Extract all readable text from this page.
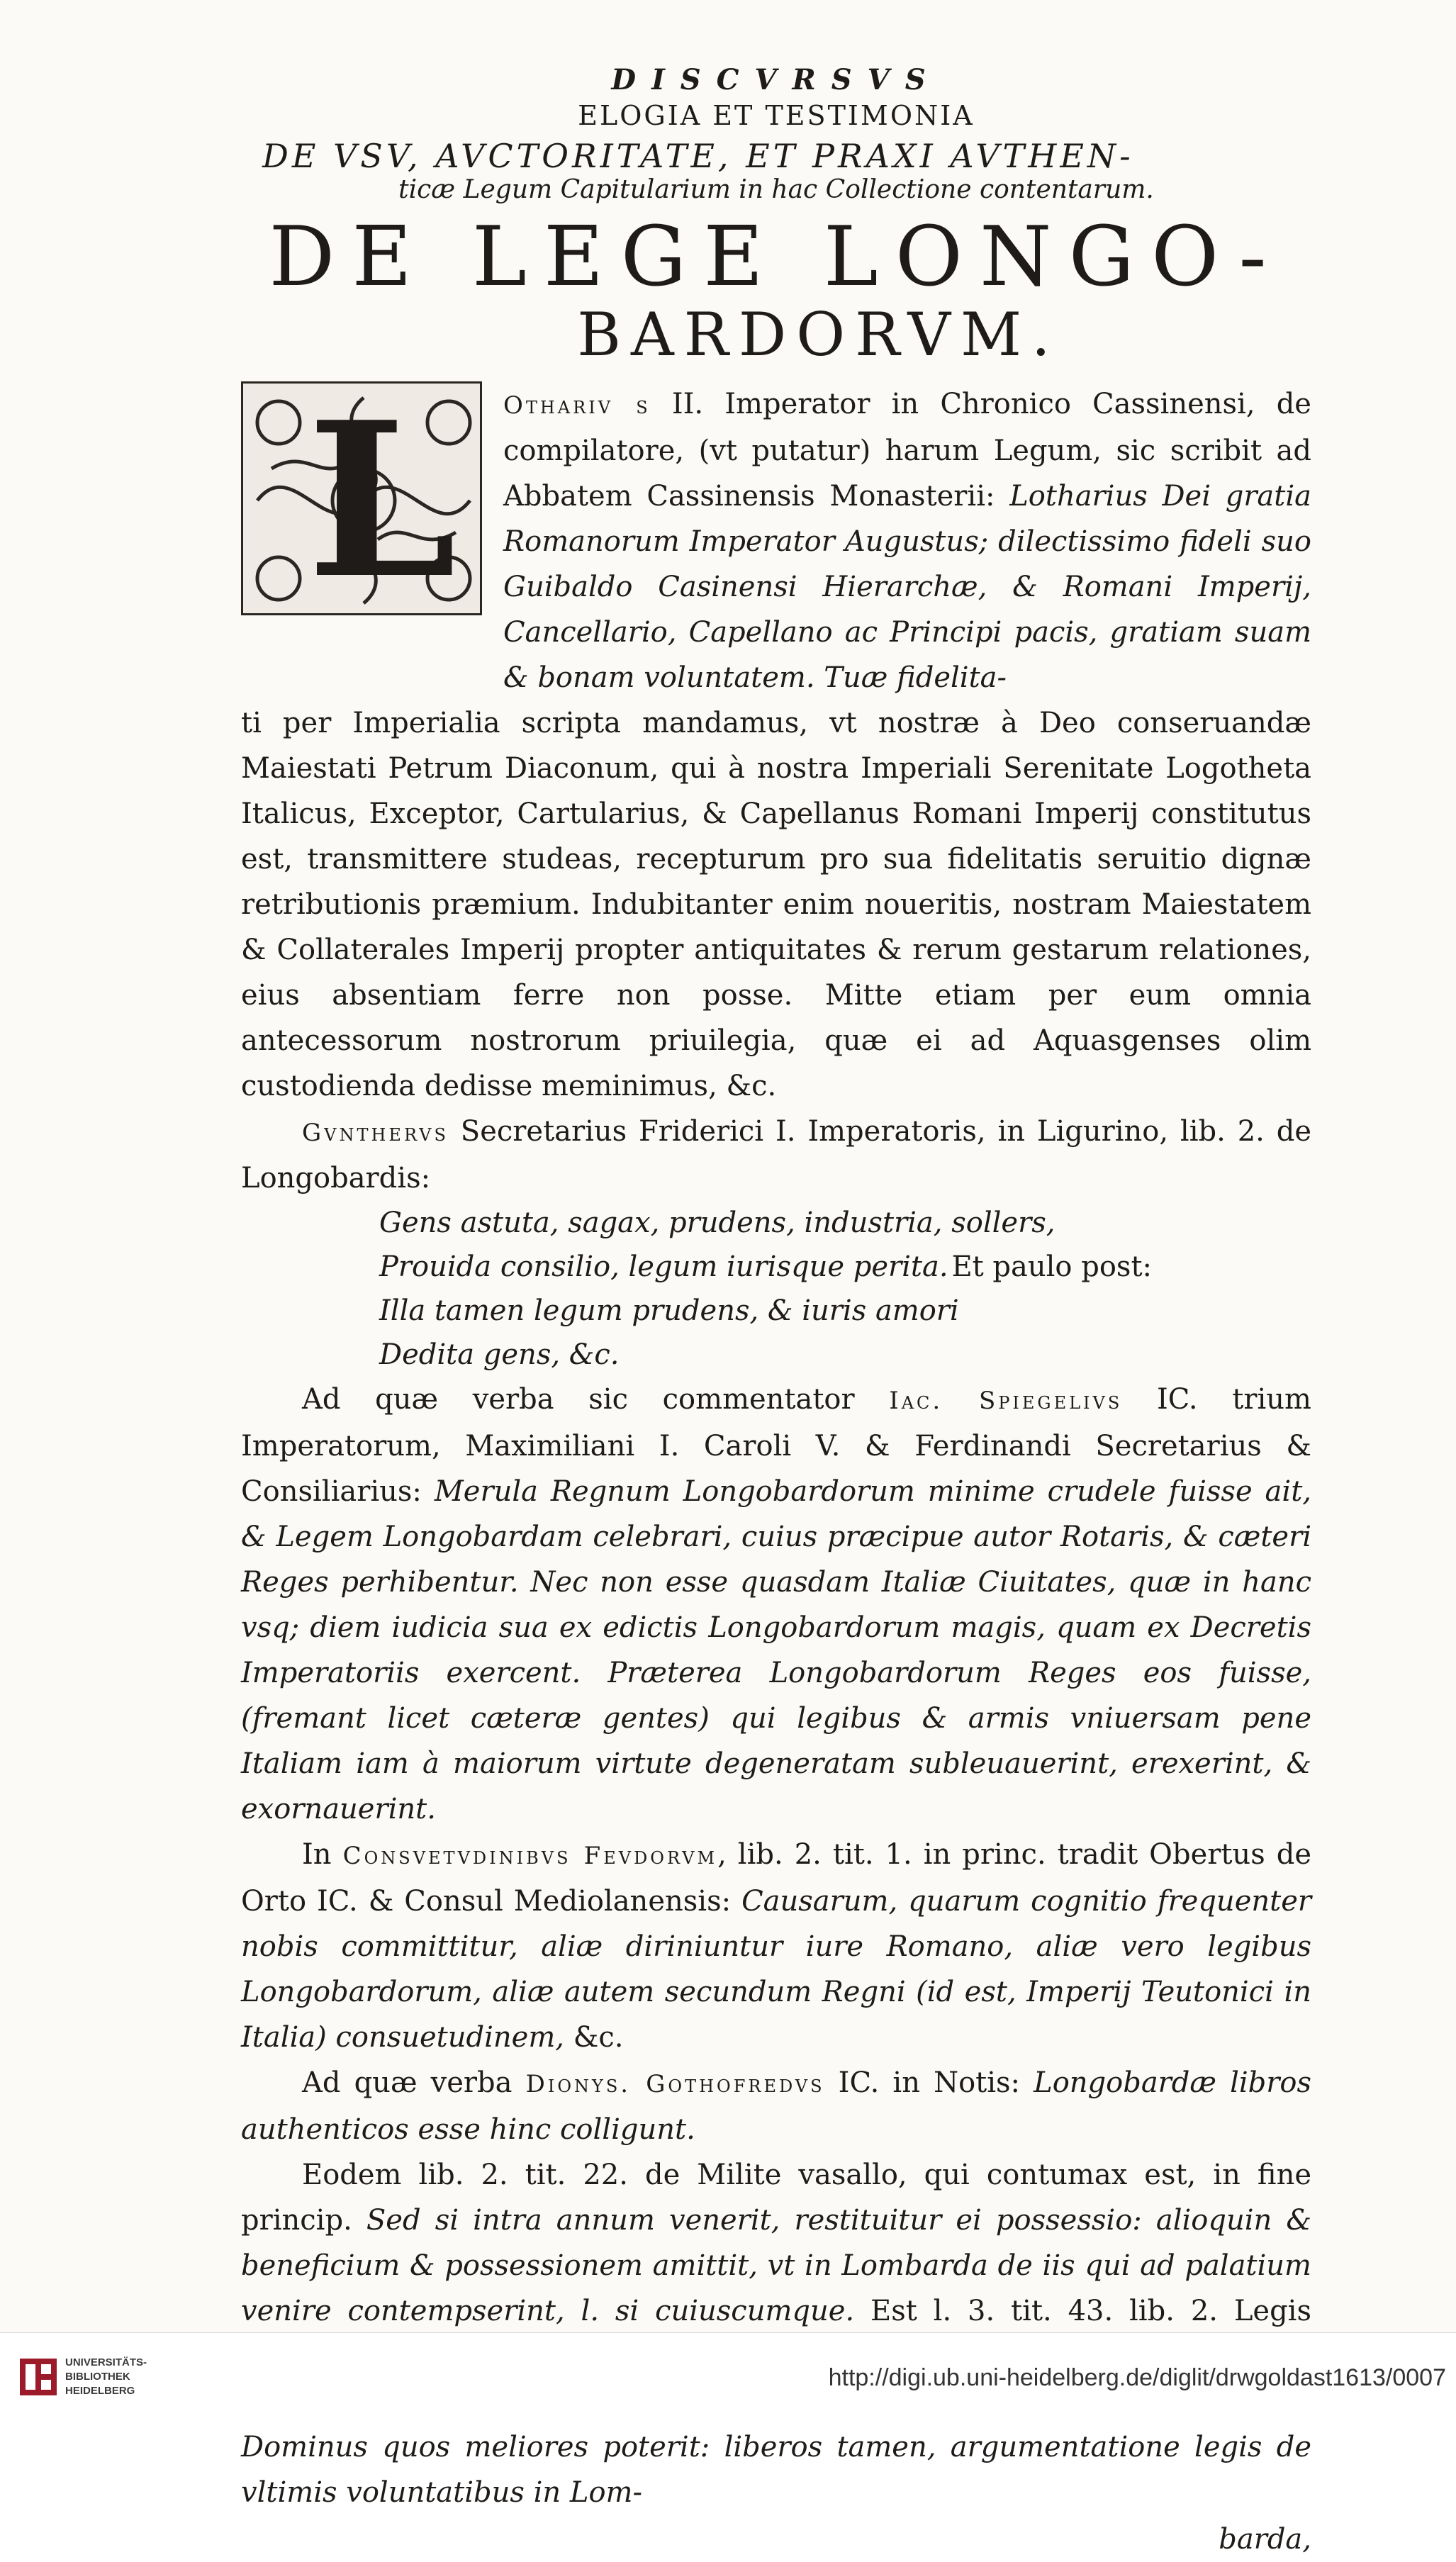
DISCVRSVS
ELOGIA ET TESTIMONIA
DE VSV, AVCTORITATE, ET PRAXI AVTHEN-
ticæ Legum Capitularium in hac Collectione contentarum.
DE LEGE LONGO-
BARDORVM.
L Othariv s II. Imperator in Chronico Cassinensi, de compilatore, (vt putatur) harum Legum, sic scribit ad Abbatem Cassinensis Monasterii: Lotharius Dei gratia Romanorum Imperator Augustus; dilectissimo fideli suo Guibaldo Casinensi Hierarchæ, & Romani Imperij, Cancellario, Capellano ac Principi pacis, gratiam suam & bonam voluntatem. Tuæ fidelita-

ti per Imperialia scripta mandamus, vt nostræ à Deo conseruandæ Maiestati Petrum Diaconum, qui à nostra Imperiali Serenitate Logotheta Italicus, Exceptor, Cartularius, & Capellanus Romani Imperij constitutus est, transmittere studeas, recepturum pro sua fidelitatis seruitio dignæ retributionis præmium. Indubitanter enim noueritis, nostram Maiestatem & Collaterales Imperij propter antiquitates & rerum gestarum relationes, eius absentiam ferre non posse. Mitte etiam per eum omnia antecessorum nostrorum priuilegia, quæ ei ad Aquasgenses olim custodienda dedisse meminimus, &c.

Gvnthervs Secretarius Friderici I. Imperatoris, in Ligurino, lib. 2. de Longobardis:

Gens astuta, sagax, prudens, industria, sollers,
Prouida consilio, legum iurisque perita. Et paulo post:
Illa tamen legum prudens, & iuris amori
Dedita gens, &c.

Ad quæ verba sic commentator Iac. Spiegelivs IC. trium Imperatorum, Maximiliani I. Caroli V. & Ferdinandi Secretarius & Consiliarius: Merula Regnum Longobardorum minime crudele fuisse ait, & Legem Longobardam celebrari, cuius præcipue autor Rotaris, & cæteri Reges perhibentur. Nec non esse quasdam Italiæ Ciuitates, quæ in hanc vsq; diem iudicia sua ex edictis Longobardorum magis, quam ex Decretis Imperatoriis exercent. Præterea Longobardorum Reges eos fuisse, (fremant licet cæteræ gentes) qui legibus & armis vniuersam pene Italiam iam à maiorum virtute degeneratam subleuauerint, erexerint, & exornauerint.

In Consvetvdinibvs Fevdorvm, lib. 2. tit. 1. in princ. tradit Obertus de Orto IC. & Consul Mediolanensis: Causarum, quarum cognitio frequenter nobis committitur, aliæ diriniuntur iure Romano, aliæ vero legibus Longobardorum, aliæ autem secundum Regni (id est, Imperij Teutonici in Italia) consuetudinem, &c.

Ad quæ verba Dionys. Gothofredvs IC. in Notis: Longobardæ libros authenticos esse hinc colligunt.

Eodem lib. 2. tit. 22. de Milite vasallo, qui contumax est, in fine princip. Sed si intra annum venerit, restituitur ei possessio: alioquin & beneficium & possessionem amittit, vt in Lombarda de iis qui ad palatium venire contempserint, l. si cuiuscumque. Est l. 3. tit. 43. lib. 2. Legis

Dominus quos meliores poterit: liberos tamen, argumentatione legis de vltimis voluntatibus in Lom-

barda,
UNIVERSITÄTS-
BIBLIOTHEK
HEIDELBERG	http://digi.ub.uni-heidelberg.de/diglit/drwgoldast1613/0007
